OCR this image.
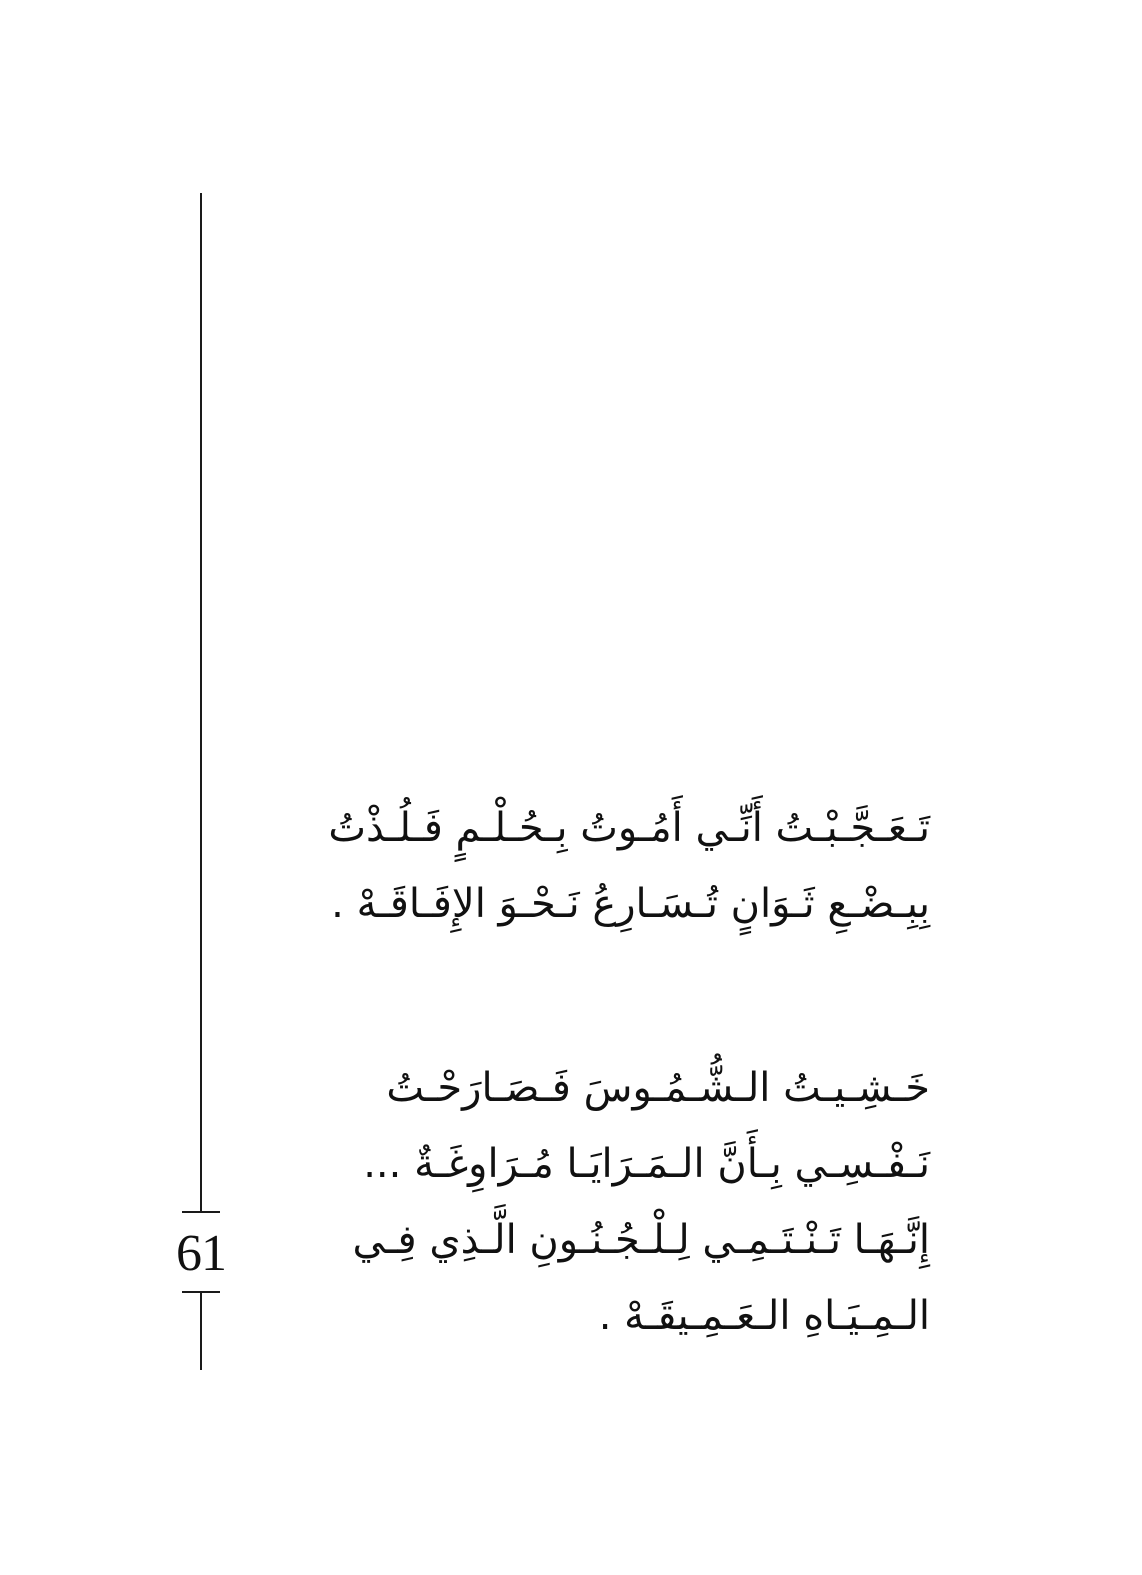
61
تَـعَـجَّـبْـتُ أَنِّـي أَمُـوتُ بِـحُـلْـمٍ فَـلُـذْتُ
بِبِـضْـعِ ثَـوَانٍ تُـسَـارِعُ نَـحْـوَ الإِفَـاقَـهْ .
خَـشِـيـتُ الـشُّـمُـوسَ فَـصَـارَحْـتُ
نَـفْـسِـي بِـأَنَّ الـمَـرَايَـا مُـرَاوِغَـةٌ ...
إِنَّـهَـا تَـنْـتَـمِـي لِـلْـجُـنُـونِ الَّـذِي فِـي
الـمِـيَـاهِ الـعَـمِـيقَـهْ .
